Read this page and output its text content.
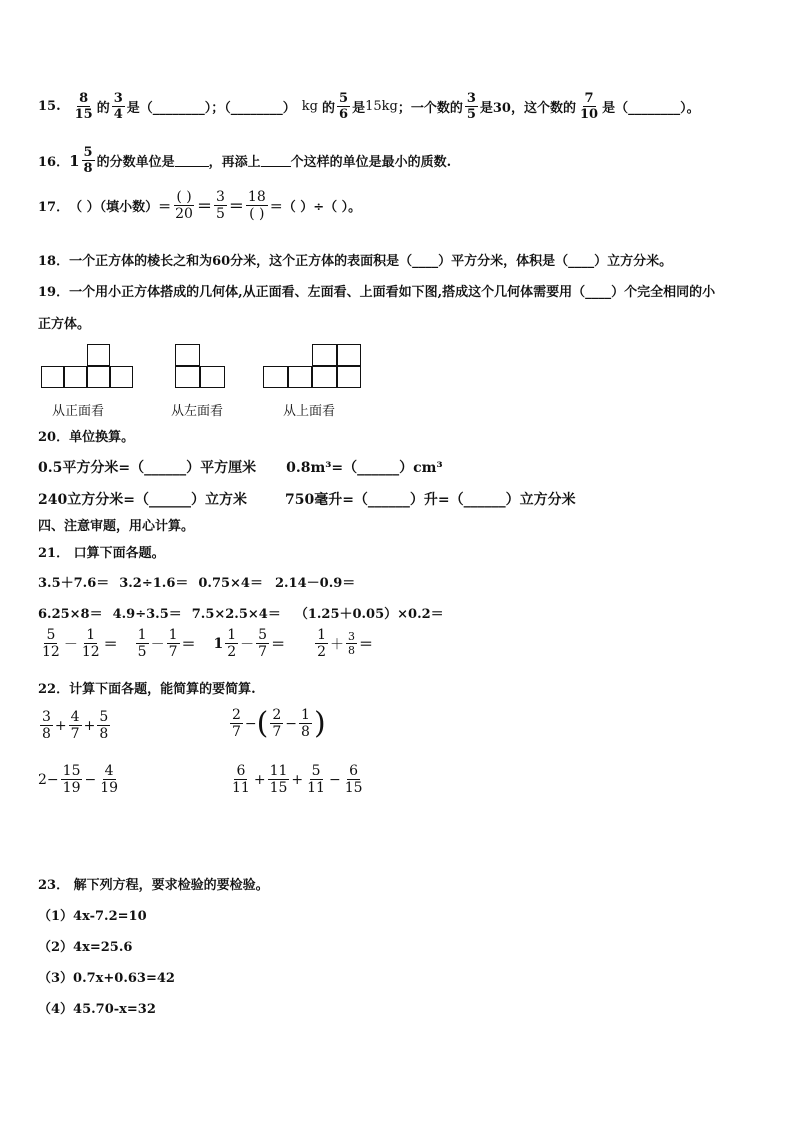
15. $\frac{8}{15}$ 的 $\frac{3}{4}$ 是（________）；（________） kg 的 $\frac{5}{6}$ 是 15kg ；一个数的 $\frac{3}{5}$ 是30，这个数的 $\frac{7}{10}$ 是（________）。
16． $1 \frac{5}{8}$ 的分数单位是	，再添上 个这样的单位是最小的质数.
17． （ ）（填小数）＝ $\frac{( )}{20} = \frac{3}{5} = \frac{18}{( )}$ ＝（ ）÷（ ）。
18．一个正方体的棱长之和为60分米，这个正方体的表面积是（____）平方分米，体积是（____）立方分米。
19．一个用小正方体搭成的几何体,从正面看、左面看、上面看如下图,搭成这个几何体需要用（____）个完全相同的小
正方体。
从正面看	从左面看	从上面看
20．单位换算。
0.5平方分米=（______）平方厘米 0.8m³=（______）cm³
240立方分米=（______）立方米	750毫升=（______）升=（______）立方分米
四、注意审题，用心计算。
21． 口算下面各题。
3.5＋7.6＝ 3.2÷1.6＝ 0.75×4＝ 2.14－0.9＝
6.25×8＝ 4.9÷3.5＝ 7.5×2.5×4＝ （1.25＋0.05）×0.2＝
$\frac{5}{12} - \frac{1}{12} = \frac{1}{5} - \frac{1}{7} = 1 \frac{1}{2} - \frac{5}{7} = \frac{1}{2} + \frac{3}{8}$ ＝
22．计算下面各题，能简算的要简算.
$\frac{3}{8} + \frac{4}{7} + \frac{5}{8}$	$\frac{2}{7}$ − ( $\frac{2}{7} - \frac{1}{8}$ )
$2 - \frac{15}{19} - \frac{4}{19}$	$\frac{6}{11} + \frac{11}{15} + \frac{5}{11} - \frac{6}{15}$
23． 解下列方程，要求检验的要检验。
（1）4x-7.2=10
（2）4x=25.6
（3）0.7x+0.63=42
（4）45.70-x=32
